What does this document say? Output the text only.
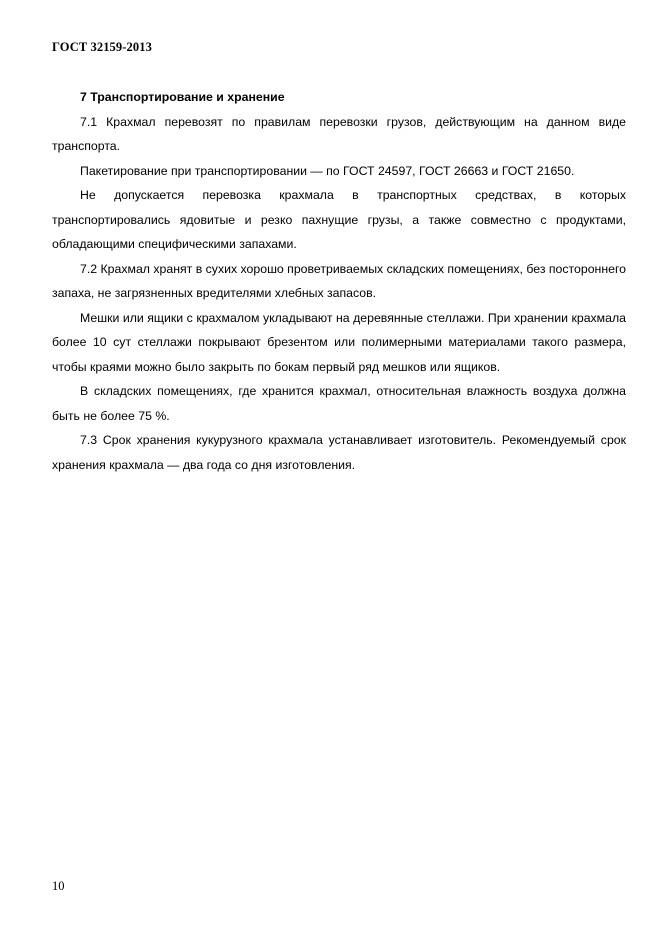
ГОСТ 32159-2013

7 Транспортирование и хранение

7.1 Крахмал перевозят по правилам перевозки грузов, действующим на данном виде транспорта.

Пакетирование при транспортировании — по ГОСТ 24597, ГОСТ 26663 и ГОСТ 21650.

Не допускается перевозка крахмала в транспортных средствах, в которых транспортировались ядовитые и резко пахнущие грузы, а также совместно с продуктами, обладающими специфическими запахами.

7.2 Крахмал хранят в сухих хорошо проветриваемых складских помещениях, без постороннего запаха, не загрязненных вредителями хлебных запасов.

Мешки или ящики с крахмалом укладывают на деревянные стеллажи. При хранении крахмала более 10 сут стеллажи покрывают брезентом или полимерными материалами такого размера, чтобы краями можно было закрыть по бокам первый ряд мешков или ящиков.

В складских помещениях, где хранится крахмал, относительная влажность воздуха должна быть не более 75 %.

7.3 Срок хранения кукурузного крахмала устанавливает изготовитель. Рекомендуемый срок хранения крахмала — два года со дня изготовления.

10
